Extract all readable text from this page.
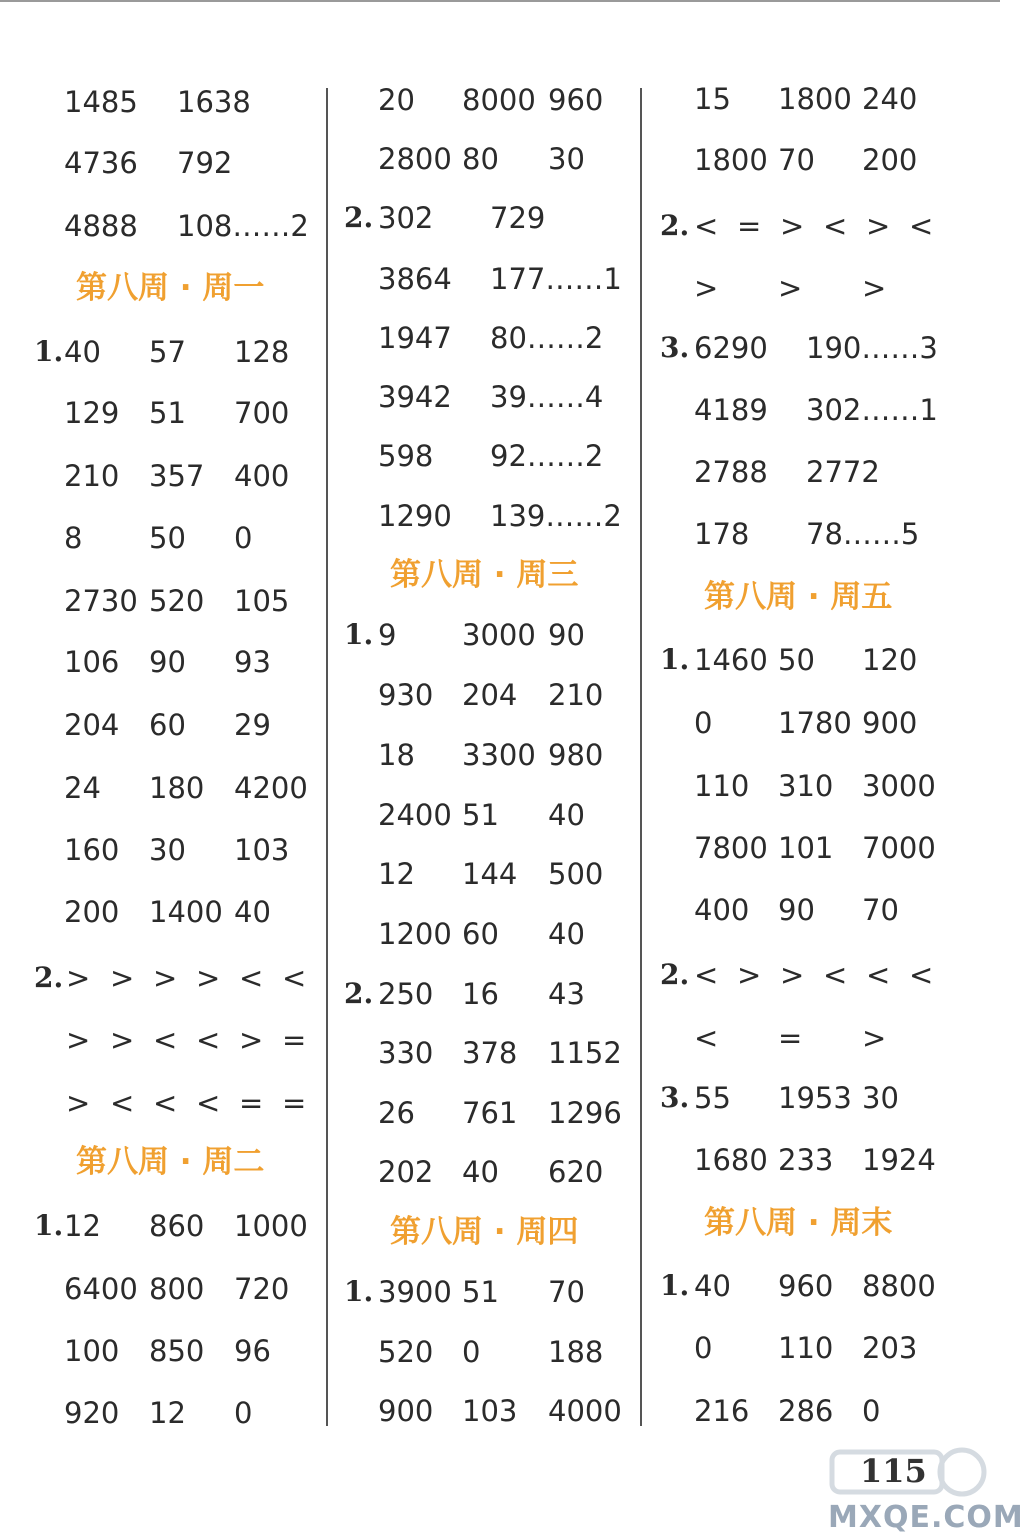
1485 1638
4736 792
4888 108……2
第八周 · 周一
1. 40 57 128
129 51 700
210 357 400
8 50 0
2730 520 105
106 90 93
204 60 29
24 180 4200
160 30 103
200 1400 40
2. > > > > < <
> > < < > =
> < < < = =
第八周 · 周二
1. 12 860 1000
6400 800 720
100 850 96
920 12 0
20 8000 960
2800 80 30
2. 302 729
3864 177……1
1947 80……2
3942 39……4
598 92……2
1290 139……2
第八周 · 周三
1. 9 3000 90
930 204 210
18 3300 980
2400 51 40
12 144 500
1200 60 40
2. 250 16 43
330 378 1152
26 761 1296
202 40 620
第八周 · 周四
1. 3900 51 70
520 0 188
900 103 4000
15 1800 240
1800 70 200
2. < = > < > <
> > >
3. 6290 190……3
4189 302……1
2788 2772
178 78……5
第八周 · 周五
1. 1460 50 120
0 1780 900
110 310 3000
7800 101 7000
400 90 70
2. < > > < < <
< = >
3. 55 1953 30
1680 233 1924
第八周 · 周末
1. 40 960 8800
0 110 203
216 286 0
115
MXQE.COM
